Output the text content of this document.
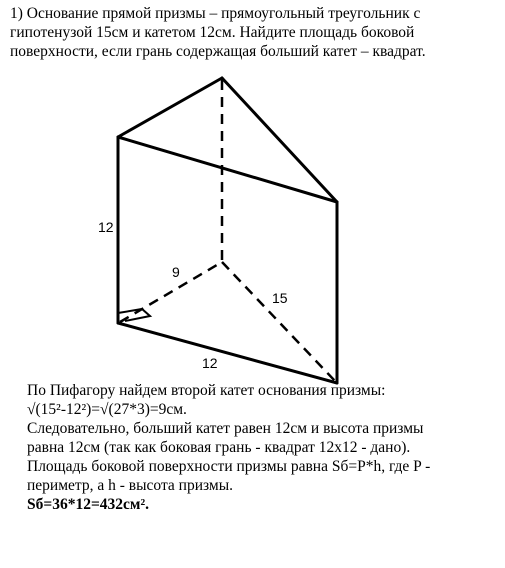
1) Основание прямой призмы – прямоугольный треугольник с
гипотенузой 15см и катетом 12см. Найдите площадь боковой
поверхности, если грань содержащая больший катет – квадрат.
12
9
15
12
По Пифагору найдем второй катет основания призмы:
√(15²-12²)=√(27*3)=9см.
Следовательно, больший катет равен 12см и высота призмы
равна 12см (так как боковая грань - квадрат 12х12 - дано).
Площадь боковой поверхности призмы равна Sб=P*h, где P -
периметр, а h - высота призмы.
Sб=36*12=432см².
